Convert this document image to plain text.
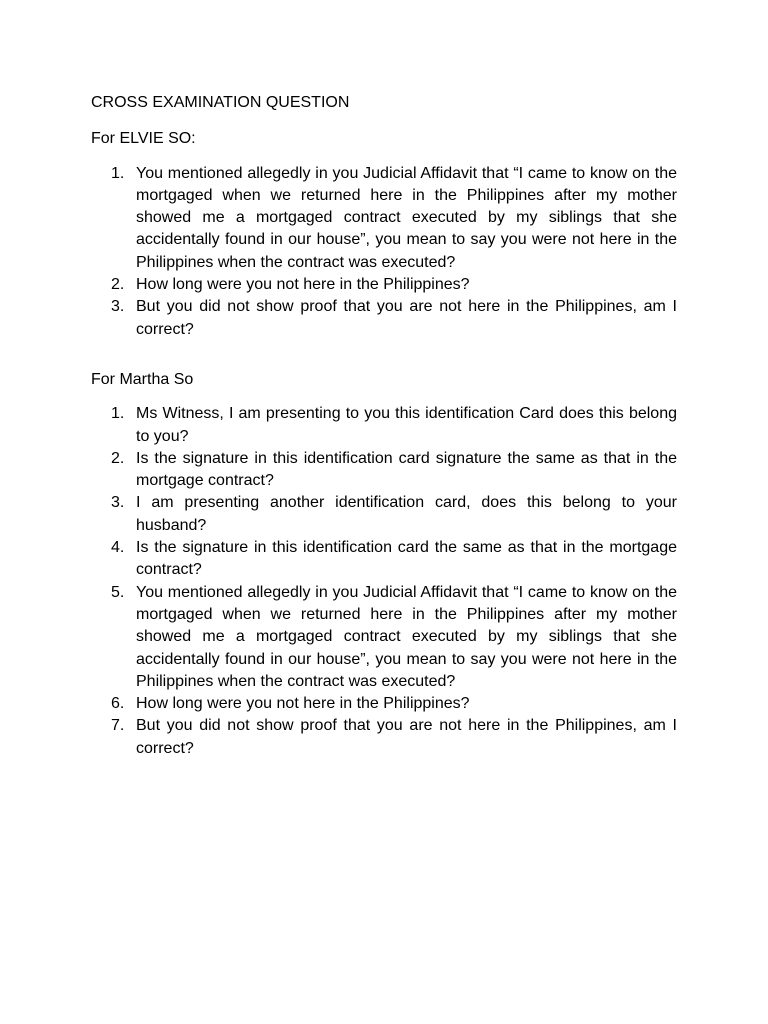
CROSS EXAMINATION QUESTION
For ELVIE SO:
1. You mentioned allegedly in you Judicial Affidavit that “I came to know on the mortgaged when we returned here in the Philippines after my mother showed me a mortgaged contract executed by my siblings that she accidentally found in our house”, you mean to say you were not here in the Philippines when the contract was executed?
2. How long were you not here in the Philippines?
3. But you did not show proof that you are not here in the Philippines, am I correct?
For Martha So
1. Ms Witness, I am presenting to you this identification Card does this belong to you?
2. Is the signature in this identification card signature the same as that in the mortgage contract?
3. I am presenting another identification card, does this belong to your husband?
4. Is the signature in this identification card the same as that in the mortgage contract?
5. You mentioned allegedly in you Judicial Affidavit that “I came to know on the mortgaged when we returned here in the Philippines after my mother showed me a mortgaged contract executed by my siblings that she accidentally found in our house”, you mean to say you were not here in the Philippines when the contract was executed?
6. How long were you not here in the Philippines?
7. But you did not show proof that you are not here in the Philippines, am I correct?
